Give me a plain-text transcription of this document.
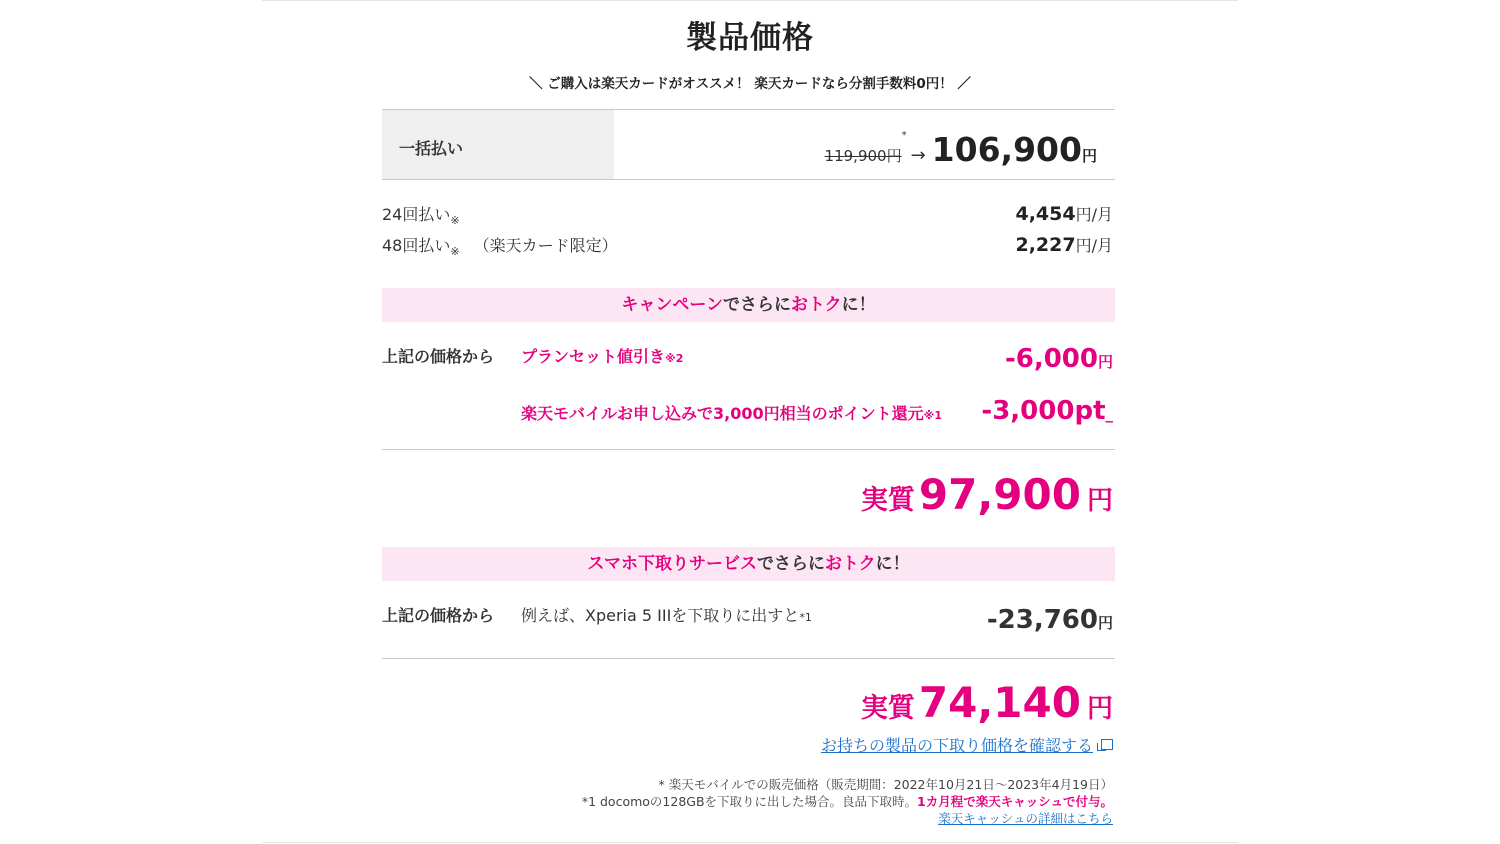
製品価格
＼ ご購入は楽天カードがオススメ！ 楽天カードなら分割手数料0円！ ／
一括払い	119,900円*→ 106,900円
24回払い$_※$	4,454円/月
48回払い$_※$ （楽天カード限定）	2,227円/月
キャンペーンでさらにおトクに！
上記の価格から プランセット値引き※2	-6,000円
楽天モバイルお申し込みで3,000円相当のポイント還元※1 -3,000pt_
実質97,900 円
スマホ下取りサービスでさらにおトクに！
上記の価格から 例えば、Xperia 5 IIIを下取りに出すと*1	-23,760円
実質74,140 円
お持ちの製品の下取り価格を確認する
* 楽天モバイルでの販売価格（販売期間：2022年10月21日〜2023年4月19日）
*1 docomoの128GBを下取りに出した場合。良品下取時。1カ月程で楽天キャッシュで付与。
楽天キャッシュの詳細はこちら
